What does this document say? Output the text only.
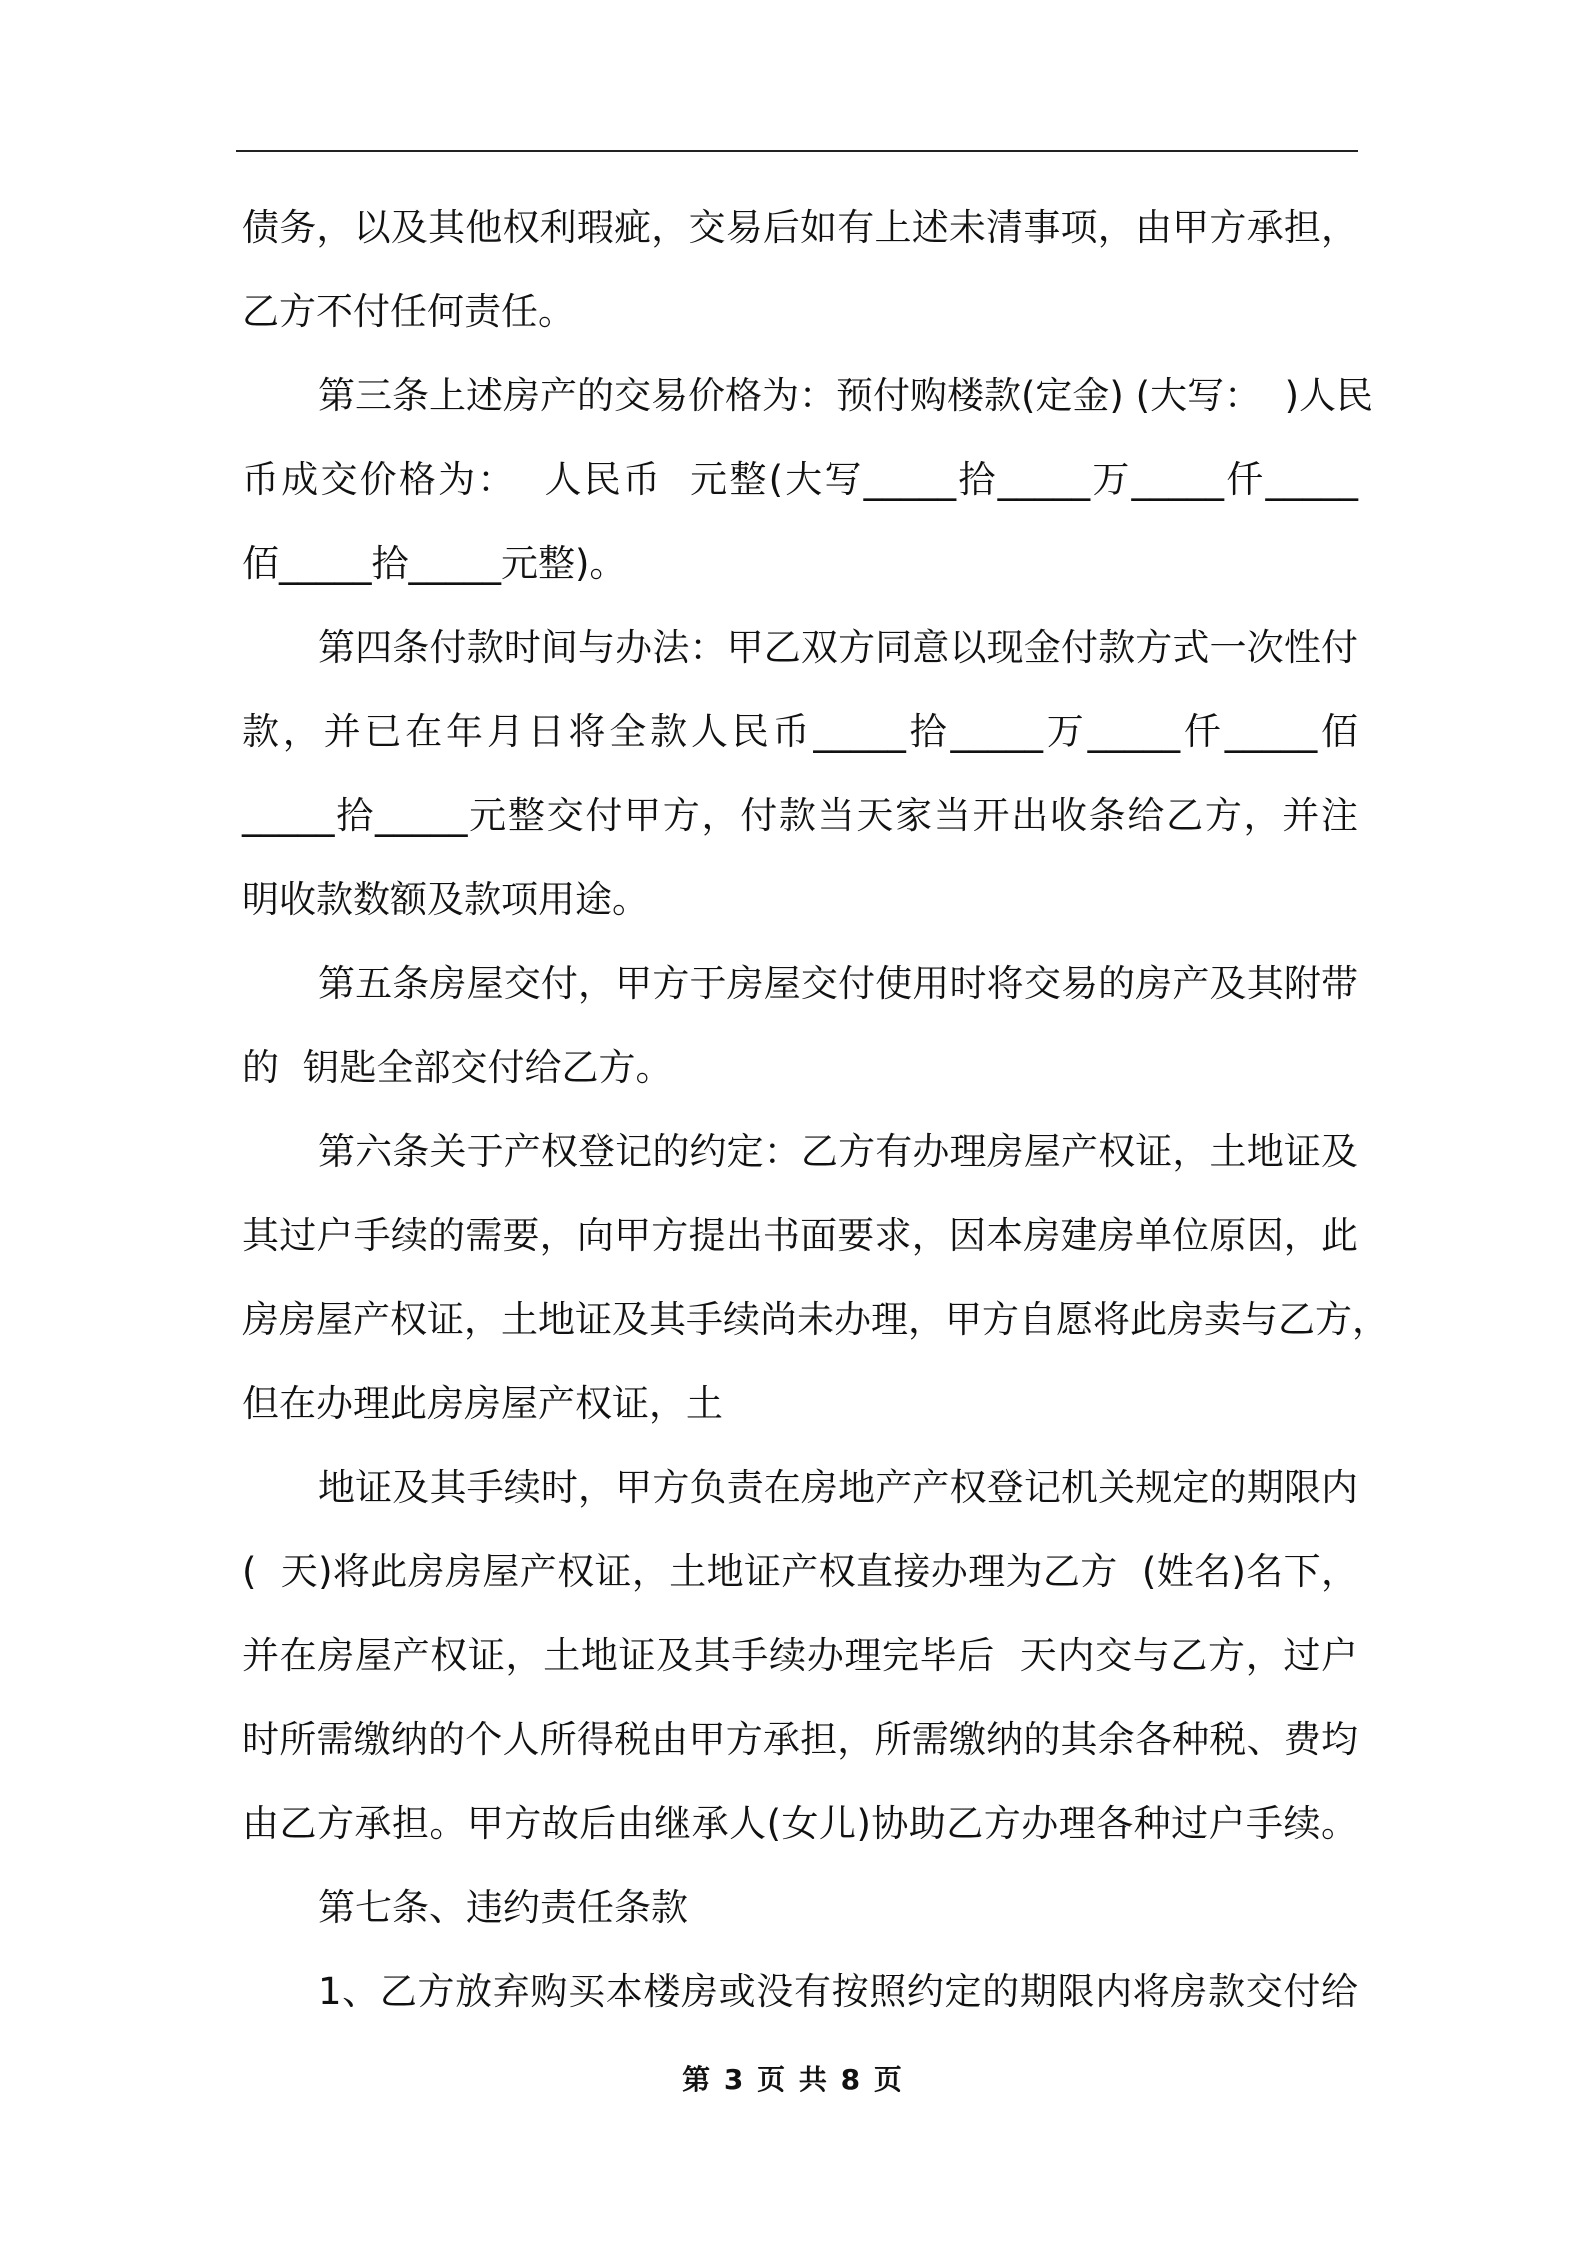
债务，以及其他权利瑕疵，交易后如有上述未清事项，由甲方承担，
乙方不付任何责任。
第三条上述房产的交易价格为：预付购楼款(定金) (大写：  )人民
币成交价格为：  人民币  元整(大写_____拾_____万_____仟_____
佰_____拾_____元整)。
第四条付款时间与办法：甲乙双方同意以现金付款方式一次性付
款，并已在年月日将全款人民币_____拾_____万_____仟_____佰
_____拾_____元整交付甲方，付款当天家当开出收条给乙方，并注
明收款数额及款项用途。
第五条房屋交付，甲方于房屋交付使用时将交易的房产及其附带
的  钥匙全部交付给乙方。
第六条关于产权登记的约定：乙方有办理房屋产权证，土地证及
其过户手续的需要，向甲方提出书面要求，因本房建房单位原因，此
房房屋产权证，土地证及其手续尚未办理，甲方自愿将此房卖与乙方，
但在办理此房房屋产权证，土
地证及其手续时，甲方负责在房地产产权登记机关规定的期限内
(  天)将此房房屋产权证，土地证产权直接办理为乙方  (姓名)名下，
并在房屋产权证，土地证及其手续办理完毕后  天内交与乙方，过户
时所需缴纳的个人所得税由甲方承担，所需缴纳的其余各种税、费均
由乙方承担。甲方故后由继承人(女儿)协助乙方办理各种过户手续。
第七条、违约责任条款
1、乙方放弃购买本楼房或没有按照约定的期限内将房款交付给
第 3 页 共 8 页
